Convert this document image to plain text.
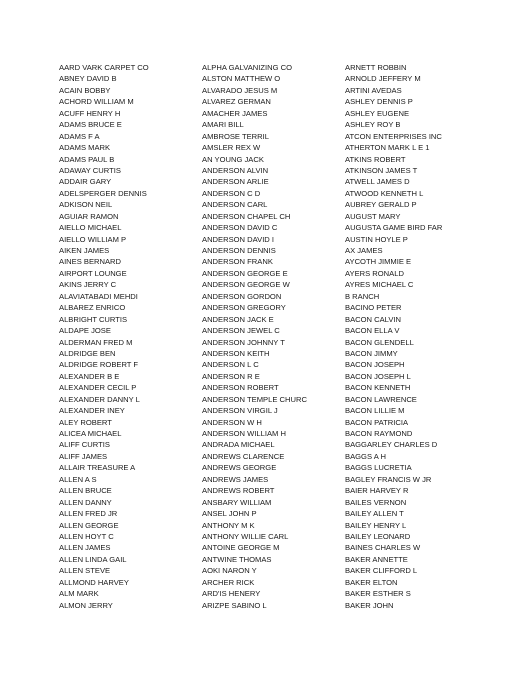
AARD VARK CARPET CO
ABNEY DAVID B
ACAIN BOBBY
ACHORD WILLIAM M
ACUFF HENRY H
ADAMS BRUCE E
ADAMS F A
ADAMS MARK
ADAMS PAUL B
ADAWAY CURTIS
ADDAIR GARY
ADELSPERGER DENNIS
ADKISON NEIL
AGUIAR RAMON
AIELLO MICHAEL
AIELLO WILLIAM P
AIKEN JAMES
AINES BERNARD
AIRPORT LOUNGE
AKINS JERRY C
ALAVIATABADI MEHDI
ALBAREZ ENRICO
ALBRIGHT CURTIS
ALDAPE JOSE
ALDERMAN FRED M
ALDRIDGE BEN
ALDRIDGE ROBERT F
ALEXANDER B E
ALEXANDER CECIL P
ALEXANDER DANNY L
ALEXANDER INEY
ALEY ROBERT
ALICEA MICHAEL
ALIFF CURTIS
ALIFF JAMES
ALLAIR TREASURE A
ALLEN A S
ALLEN BRUCE
ALLEN DANNY
ALLEN FRED JR
ALLEN GEORGE
ALLEN HOYT C
ALLEN JAMES
ALLEN LINDA GAIL
ALLEN STEVE
ALLMOND HARVEY
ALM MARK
ALMON JERRY
ALPHA GALVANIZING CO
ALSTON MATTHEW O
ALVARADO JESUS M
ALVAREZ GERMAN
AMACHER JAMES
AMARI BILL
AMBROSE TERRIL
AMSLER REX W
AN YOUNG JACK
ANDERSON ALVIN
ANDERSON ARLIE
ANDERSON C D
ANDERSON CARL
ANDERSON CHAPEL CH
ANDERSON DAVID C
ANDERSON DAVID I
ANDERSON DENNIS
ANDERSON FRANK
ANDERSON GEORGE E
ANDERSON GEORGE W
ANDERSON GORDON
ANDERSON GREGORY
ANDERSON JACK E
ANDERSON JEWEL C
ANDERSON JOHNNY T
ANDERSON KEITH
ANDERSON L C
ANDERSON R E
ANDERSON ROBERT
ANDERSON TEMPLE CHURC
ANDERSON VIRGIL J
ANDERSON W H
ANDERSON WILLIAM H
ANDRADA MICHAEL
ANDREWS CLARENCE
ANDREWS GEORGE
ANDREWS JAMES
ANDREWS ROBERT
ANSBARY WILLIAM
ANSEL JOHN P
ANTHONY M K
ANTHONY WILLIE CARL
ANTOINE GEORGE M
ANTWINE THOMAS
AOKI NARON Y
ARCHER RICK
ARD'IS HENERY
ARIZPE SABINO L
ARNETT ROBBIN
ARNOLD JEFFERY M
ARTINI AVEDAS
ASHLEY DENNIS P
ASHLEY EUGENE
ASHLEY ROY B
ATCON ENTERPRISES INC
ATHERTON MARK L E 1
ATKINS ROBERT
ATKINSON JAMES T
ATWELL JAMES D
ATWOOD KENNETH L
AUBREY GERALD P
AUGUST MARY
AUGUSTA GAME BIRD FAR
AUSTIN HOYLE P
AX JAMES
AYCOTH JIMMIE E
AYERS RONALD
AYRES MICHAEL C
B RANCH
BACINO PETER
BACON CALVIN
BACON ELLA V
BACON GLENDELL
BACON JIMMY
BACON JOSEPH
BACON JOSEPH L
BACON KENNETH
BACON LAWRENCE
BACON LILLIE M
BACON PATRICIA
BACON RAYMOND
BAGGARLEY CHARLES D
BAGGS A H
BAGGS LUCRETIA
BAGLEY FRANCIS W JR
BAIER HARVEY R
BAILES VERNON
BAILEY ALLEN T
BAILEY HENRY L
BAILEY LEONARD
BAINES CHARLES W
BAKER ANNETTE
BAKER CLIFFORD L
BAKER ELTON
BAKER ESTHER S
BAKER JOHN
